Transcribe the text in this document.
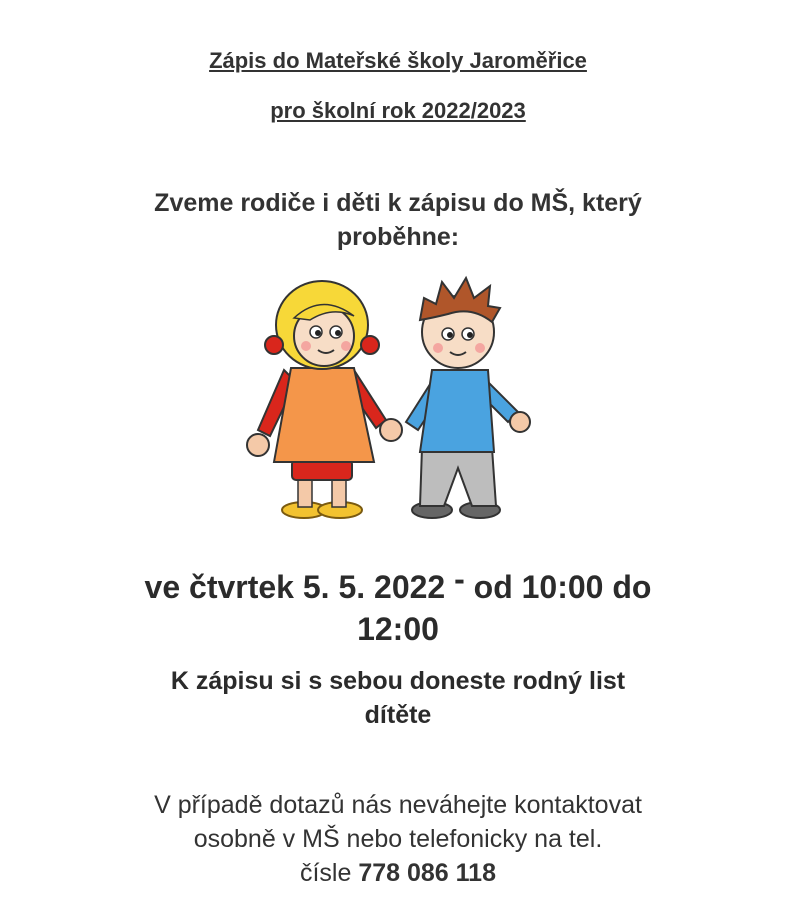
Zápis do Mateřské školy Jaroměřice
pro školní rok 2022/2023
Zveme rodiče i děti k zápisu do MŠ, který
proběhne:
ve čtvrtek 5. 5. 2022 - od 10:00 do
12:00
K zápisu si s sebou doneste rodný list
dítěte
V případě dotazů nás neváhejte kontaktovat
osobně v MŠ nebo telefonicky na tel.
čísle 778 086 118
